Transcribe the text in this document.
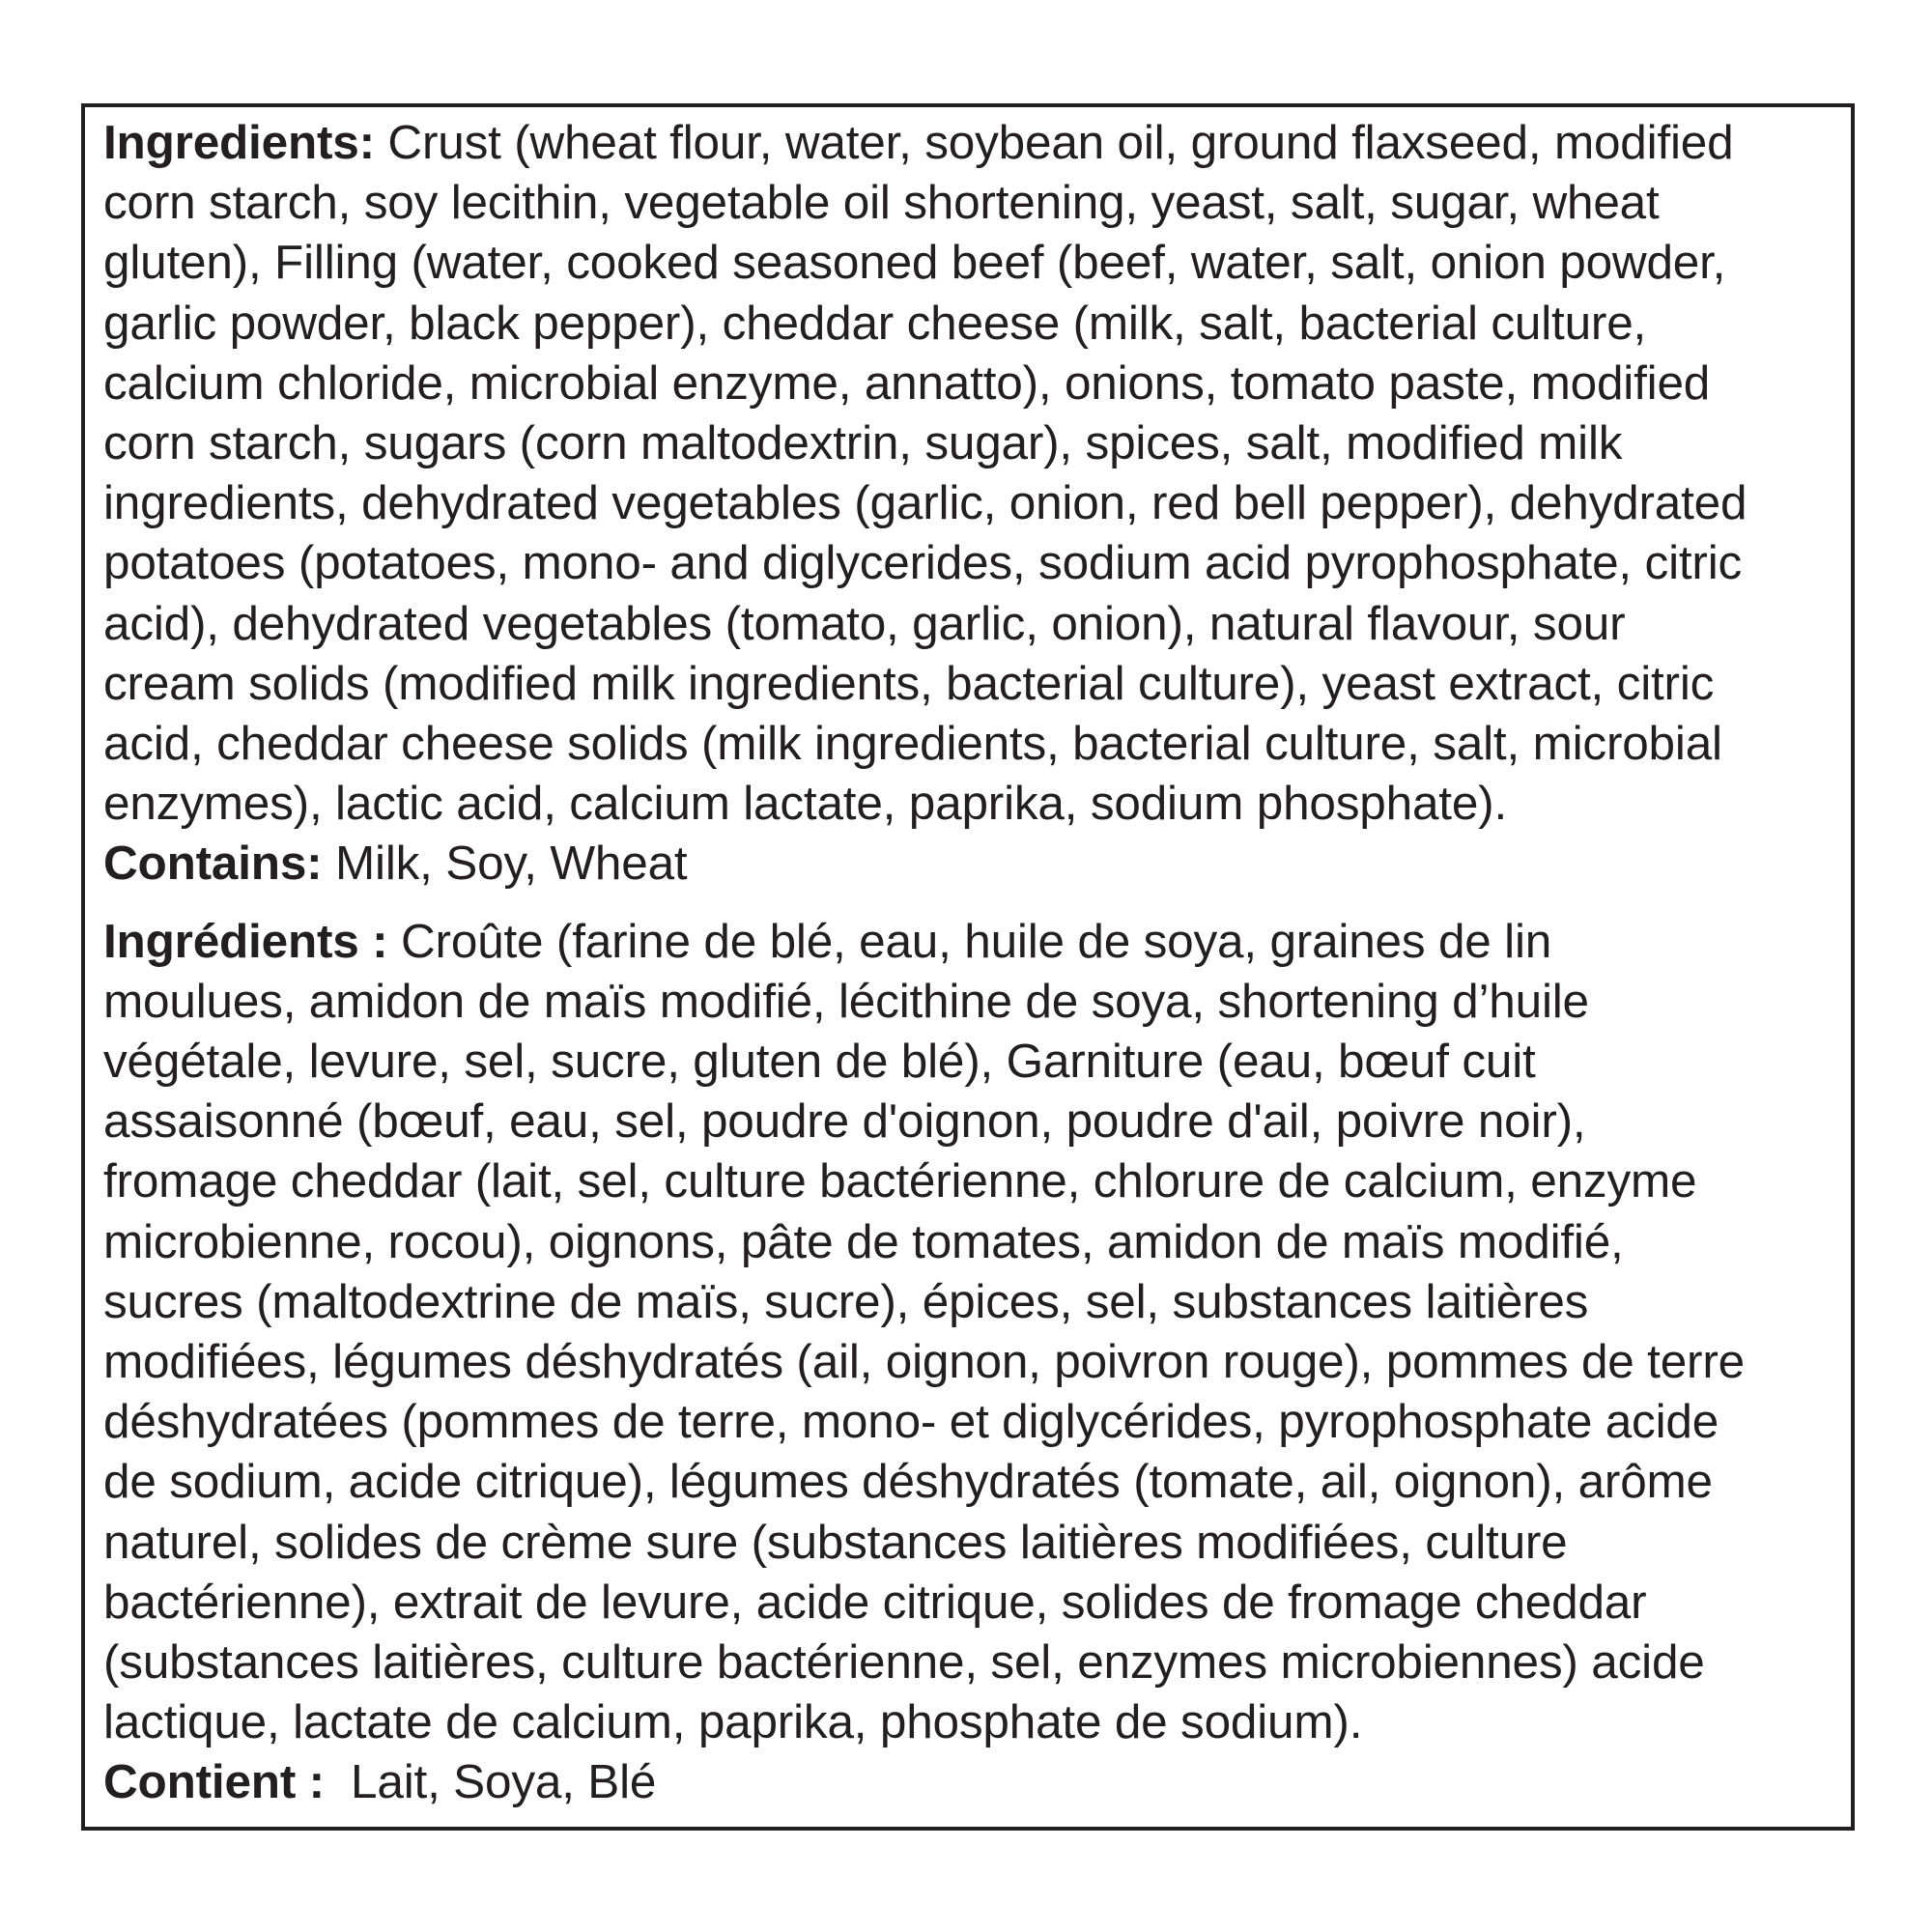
Ingredients: Crust (wheat flour, water, soybean oil, ground flaxseed, modified
corn starch, soy lecithin, vegetable oil shortening, yeast, salt, sugar, wheat
gluten), Filling (water, cooked seasoned beef (beef, water, salt, onion powder,
garlic powder, black pepper), cheddar cheese (milk, salt, bacterial culture,
calcium chloride, microbial enzyme, annatto), onions, tomato paste, modified
corn starch, sugars (corn maltodextrin, sugar), spices, salt, modified milk
ingredients, dehydrated vegetables (garlic, onion, red bell pepper), dehydrated
potatoes (potatoes, mono- and diglycerides, sodium acid pyrophosphate, citric
acid), dehydrated vegetables (tomato, garlic, onion), natural flavour, sour
cream solids (modified milk ingredients, bacterial culture), yeast extract, citric
acid, cheddar cheese solids (milk ingredients, bacterial culture, salt, microbial
enzymes), lactic acid, calcium lactate, paprika, sodium phosphate).
Contains: Milk, Soy, Wheat
Ingrédients : Croûte (farine de blé, eau, huile de soya, graines de lin
moulues, amidon de maïs modifié, lécithine de soya, shortening d’huile
végétale, levure, sel, sucre, gluten de blé), Garniture (eau, bœuf cuit
assaisonné (bœuf, eau, sel, poudre d'oignon, poudre d'ail, poivre noir),
fromage cheddar (lait, sel, culture bactérienne, chlorure de calcium, enzyme
microbienne, rocou), oignons, pâte de tomates, amidon de maïs modifié,
sucres (maltodextrine de maïs, sucre), épices, sel, substances laitières
modifiées, légumes déshydratés (ail, oignon, poivron rouge), pommes de terre
déshydratées (pommes de terre, mono- et diglycérides, pyrophosphate acide
de sodium, acide citrique), légumes déshydratés (tomate, ail, oignon), arôme
naturel, solides de crème sure (substances laitières modifiées, culture
bactérienne), extrait de levure, acide citrique, solides de fromage cheddar
(substances laitières, culture bactérienne, sel, enzymes microbiennes) acide
lactique, lactate de calcium, paprika, phosphate de sodium).
Contient :  Lait, Soya, Blé
